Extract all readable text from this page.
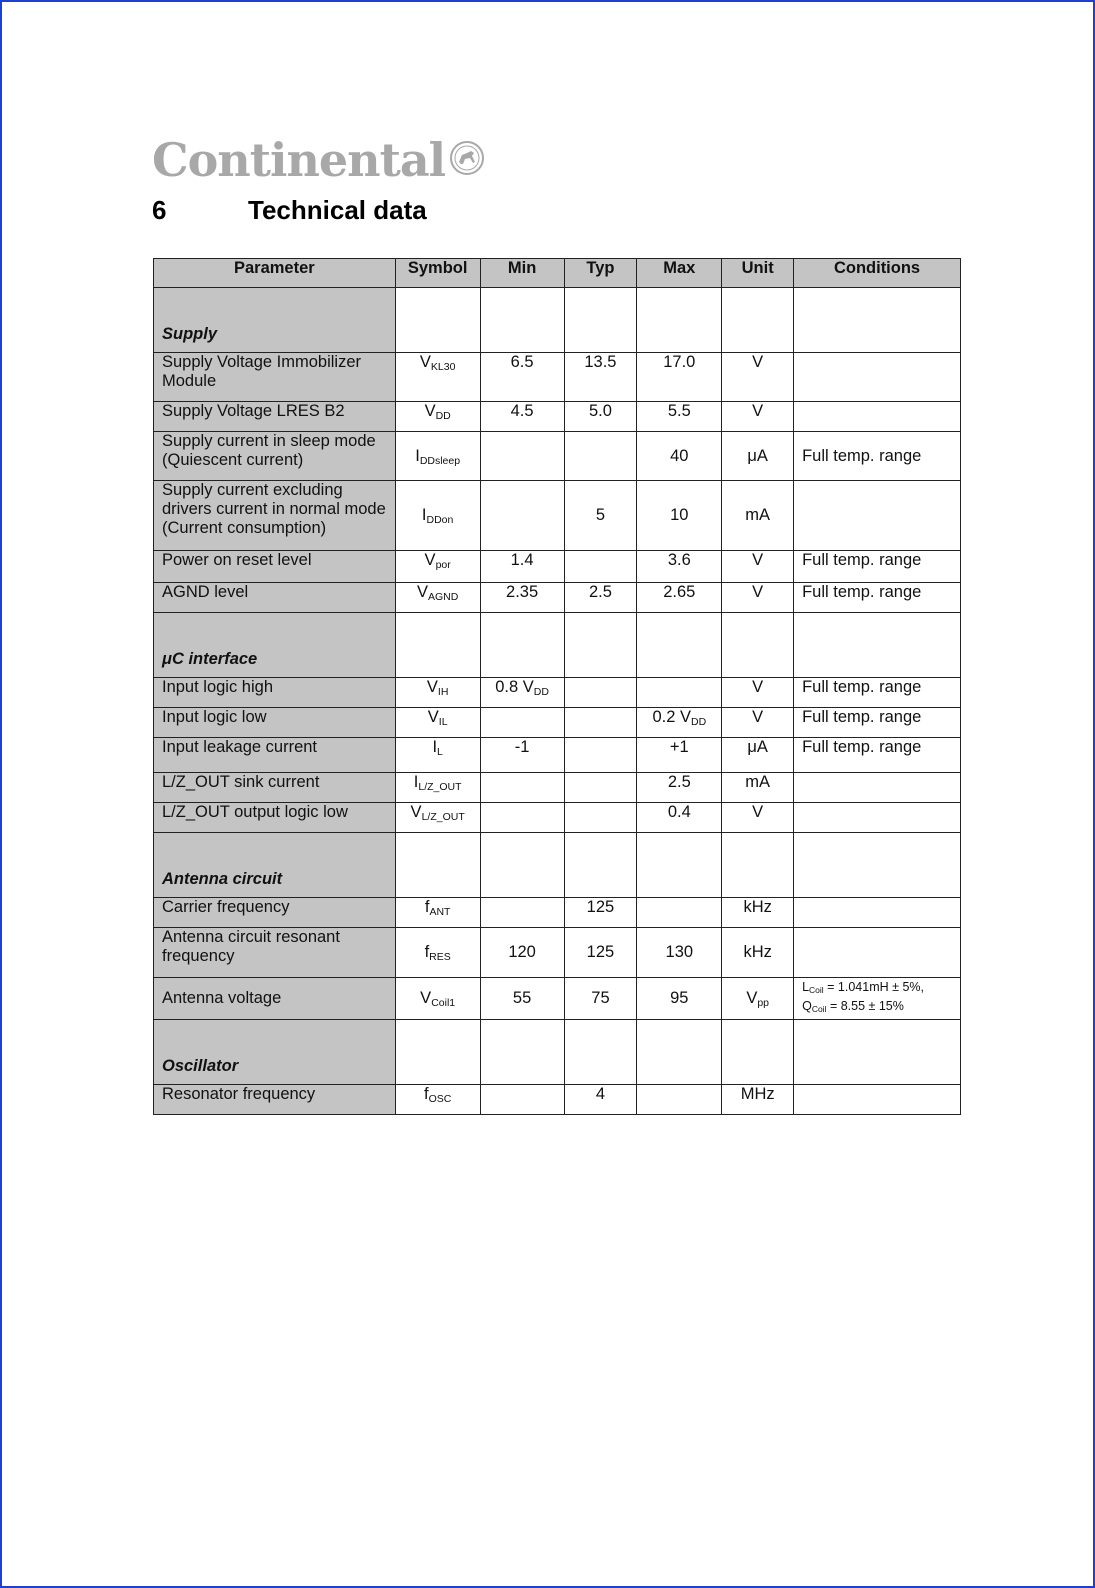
Continental
6	Technical data
Parameter	Symbol	Min	Typ	Max	Unit	Conditions
Supply						
Supply Voltage Immobilizer Module	$V_{KL30}$	6.5	13.5	17.0	V	
Supply Voltage LRES B2	$V_{DD}$	4.5	5.0	5.5	V	
Supply current in sleep mode (Quiescent current)	$I_{DDsleep}$			40	μA	Full temp. range
Supply current excluding drivers current in normal mode (Current consumption)	$I_{DDon}$		5	10	mA	
Power on reset level	$V_{por}$	1.4		3.6	V	Full temp. range
AGND level	$V_{AGND}$	2.35	2.5	2.65	V	Full temp. range
μC interface						
Input logic high	$V_{IH}$	0.8 $V_{DD}$			V	Full temp. range
Input logic low	$V_{IL}$			0.2 $V_{DD}$	V	Full temp. range
Input leakage current	$I_L$	-1		+1	μA	Full temp. range
L/Z_OUT sink current	$I_{L/Z\_OUT}$			2.5	mA	
L/Z_OUT output logic low	$V_{L/Z\_OUT}$			0.4	V	
Antenna circuit						
Carrier frequency	$f_{ANT}$		125		kHz	
Antenna circuit resonant frequency	$f_{RES}$	120	125	130	kHz	
Antenna voltage	$V_{Coil1}$	55	75	95	$V_{pp}$	$L_{Coil} = 1.041mH \pm 5\%$,
$Q_{Coil} = 8.55 \pm 15\%$

Oscillator						
Resonator frequency	$f_{OSC}$		4		MHz	
